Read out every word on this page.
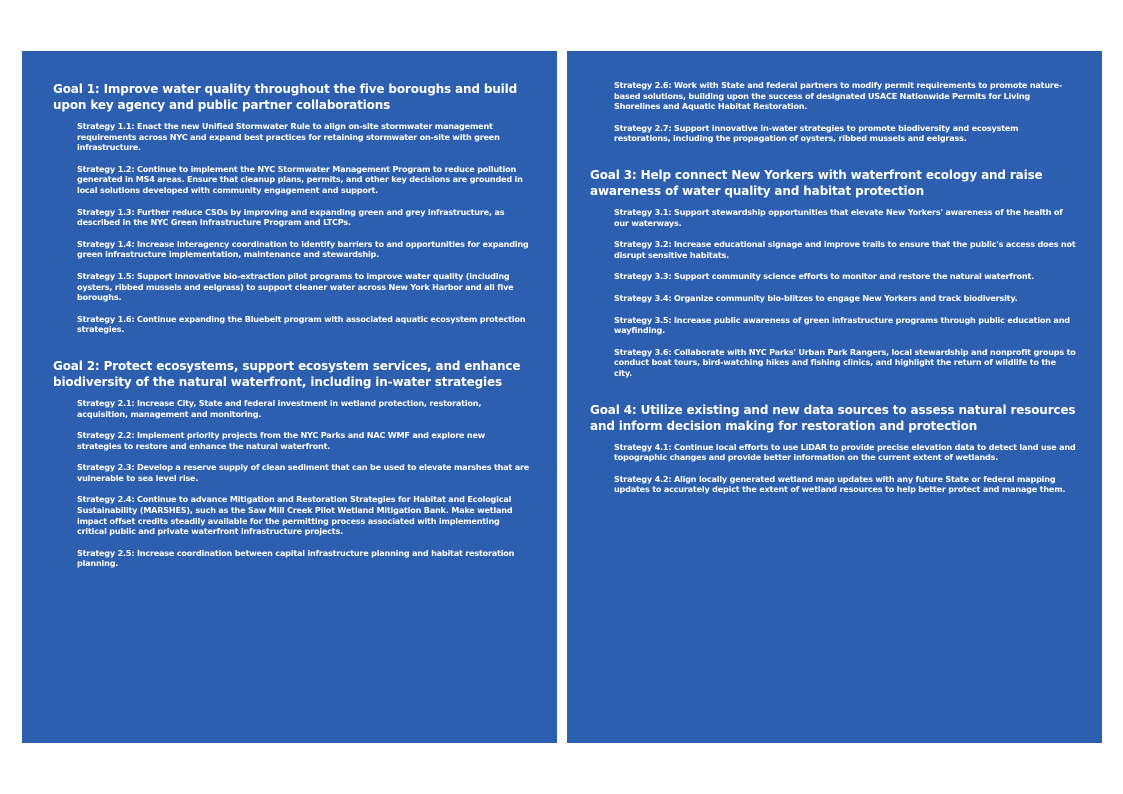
Goal 1: Improve water quality throughout the five boroughs and build upon key agency and public partner collaborations
Strategy 1.1: Enact the new Unified Stormwater Rule to align on-site stormwater management requirements across NYC and expand best practices for retaining stormwater on-site with green infrastructure.
Strategy 1.2: Continue to implement the NYC Stormwater Management Program to reduce pollution generated in MS4 areas. Ensure that cleanup plans, permits, and other key decisions are grounded in local solutions developed with community engagement and support.
Strategy 1.3: Further reduce CSOs by improving and expanding green and grey infrastructure, as described in the NYC Green Infrastructure Program and LTCPs.
Strategy 1.4: Increase interagency coordination to identify barriers to and opportunities for expanding green infrastructure implementation, maintenance and stewardship.
Strategy 1.5: Support innovative bio-extraction pilot programs to improve water quality (including oysters, ribbed mussels and eelgrass) to support cleaner water across New York Harbor and all five boroughs.
Strategy 1.6: Continue expanding the Bluebelt program with associated aquatic ecosystem protection strategies.
Goal 2: Protect ecosystems, support ecosystem services, and enhance biodiversity of the natural waterfront, including in-water strategies
Strategy 2.1: Increase City, State and federal investment in wetland protection, restoration, acquisition, management and monitoring.
Strategy 2.2: Implement priority projects from the NYC Parks and NAC WMF and explore new strategies to restore and enhance the natural waterfront.
Strategy 2.3: Develop a reserve supply of clean sediment that can be used to elevate marshes that are vulnerable to sea level rise.
Strategy 2.4: Continue to advance Mitigation and Restoration Strategies for Habitat and Ecological Sustainability (MARSHES), such as the Saw Mill Creek Pilot Wetland Mitigation Bank. Make wetland impact offset credits steadily available for the permitting process associated with implementing critical public and private waterfront infrastructure projects.
Strategy 2.5: Increase coordination between capital infrastructure planning and habitat restoration planning.
Strategy 2.6: Work with State and federal partners to modify permit requirements to promote nature-based solutions, building upon the success of designated USACE Nationwide Permits for Living Shorelines and Aquatic Habitat Restoration.
Strategy 2.7: Support innovative in-water strategies to promote biodiversity and ecosystem restorations, including the propagation of oysters, ribbed mussels and eelgrass.
Goal 3: Help connect New Yorkers with waterfront ecology and raise awareness of water quality and habitat protection
Strategy 3.1: Support stewardship opportunities that elevate New Yorkers' awareness of the health of our waterways.
Strategy 3.2: Increase educational signage and improve trails to ensure that the public's access does not disrupt sensitive habitats.
Strategy 3.3: Support community science efforts to monitor and restore the natural waterfront.
Strategy 3.4: Organize community bio-blitzes to engage New Yorkers and track biodiversity.
Strategy 3.5: Increase public awareness of green infrastructure programs through public education and wayfinding.
Strategy 3.6: Collaborate with NYC Parks' Urban Park Rangers, local stewardship and nonprofit groups to conduct boat tours, bird-watching hikes and fishing clinics, and highlight the return of wildlife to the city.
Goal 4: Utilize existing and new data sources to assess natural resources and inform decision making for restoration and protection
Strategy 4.1: Continue local efforts to use LiDAR to provide precise elevation data to detect land use and topographic changes and provide better information on the current extent of wetlands.
Strategy 4.2: Align locally generated wetland map updates with any future State or federal mapping updates to accurately depict the extent of wetland resources to help better protect and manage them.
